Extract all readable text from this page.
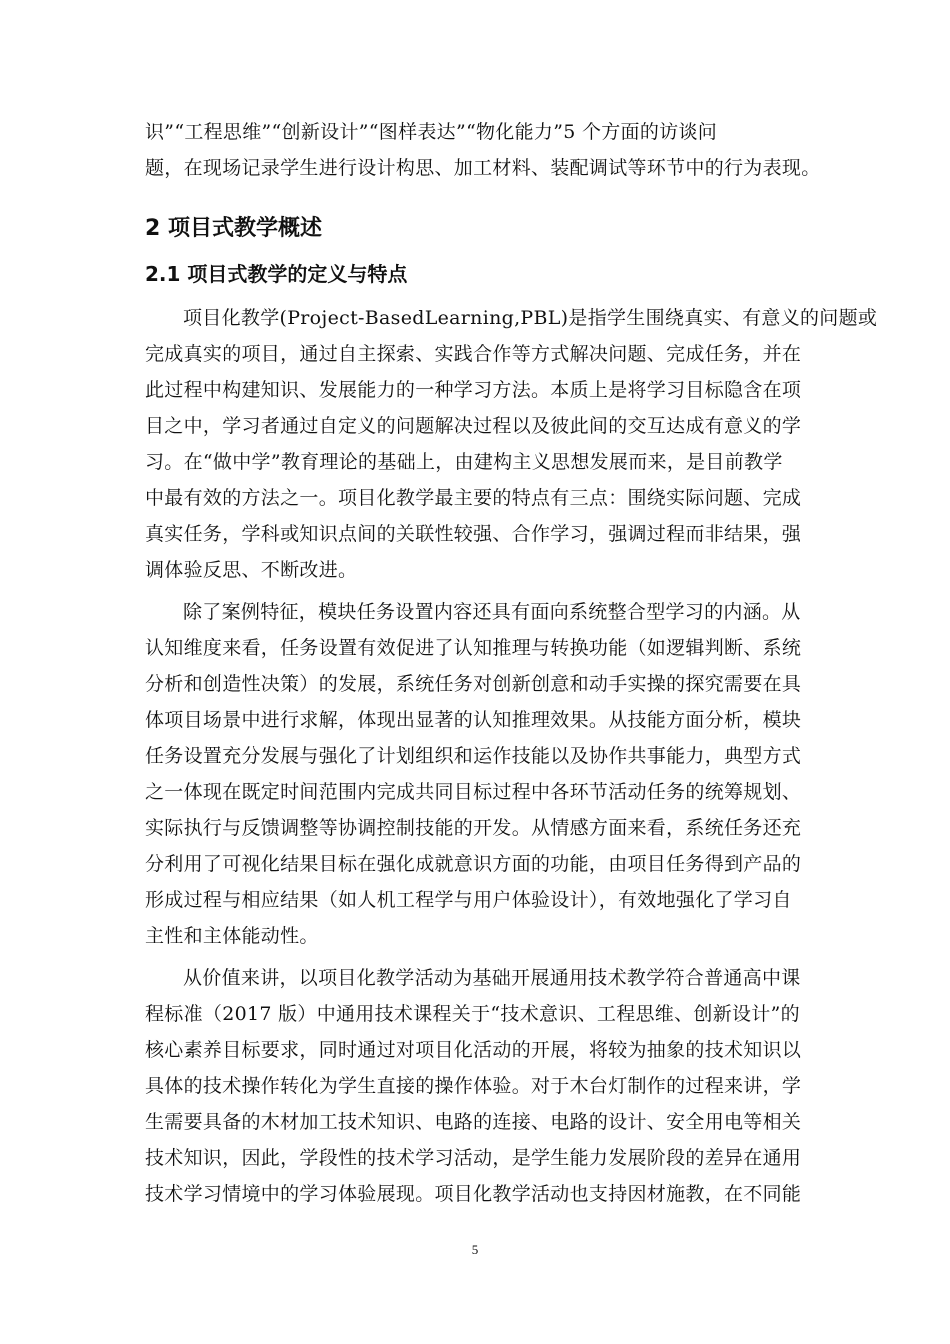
识”“工程思维”“创新设计”“图样表达”“物化能力”5 个方面的访谈问
题，在现场记录学生进行设计构思、加工材料、装配调试等环节中的行为表现。
2 项目式教学概述
2.1 项目式教学的定义与特点
项目化教学(Project-BasedLearning,PBL)是指学生围绕真实、有意义的问题或
完成真实的项目，通过自主探索、实践合作等方式解决问题、完成任务，并在
此过程中构建知识、发展能力的一种学习方法。本质上是将学习目标隐含在项
目之中，学习者通过自定义的问题解决过程以及彼此间的交互达成有意义的学
习。在“做中学”教育理论的基础上，由建构主义思想发展而来，是目前教学
中最有效的方法之一。项目化教学最主要的特点有三点：围绕实际问题、完成
真实任务，学科或知识点间的关联性较强、合作学习，强调过程而非结果，强
调体验反思、不断改进。
除了案例特征，模块任务设置内容还具有面向系统整合型学习的内涵。从
认知维度来看，任务设置有效促进了认知推理与转换功能（如逻辑判断、系统
分析和创造性决策）的发展，系统任务对创新创意和动手实操的探究需要在具
体项目场景中进行求解，体现出显著的认知推理效果。从技能方面分析，模块
任务设置充分发展与强化了计划组织和运作技能以及协作共事能力，典型方式
之一体现在既定时间范围内完成共同目标过程中各环节活动任务的统筹规划、
实际执行与反馈调整等协调控制技能的开发。从情感方面来看，系统任务还充
分利用了可视化结果目标在强化成就意识方面的功能，由项目任务得到产品的
形成过程与相应结果（如人机工程学与用户体验设计），有效地强化了学习自
主性和主体能动性。
从价值来讲，以项目化教学活动为基础开展通用技术教学符合普通高中课
程标准（2017 版）中通用技术课程关于“技术意识、工程思维、创新设计”的
核心素养目标要求，同时通过对项目化活动的开展，将较为抽象的技术知识以
具体的技术操作转化为学生直接的操作体验。对于木台灯制作的过程来讲，学
生需要具备的木材加工技术知识、电路的连接、电路的设计、安全用电等相关
技术知识，因此，学段性的技术学习活动，是学生能力发展阶段的差异在通用
技术学习情境中的学习体验展现。项目化教学活动也支持因材施教，在不同能
5
